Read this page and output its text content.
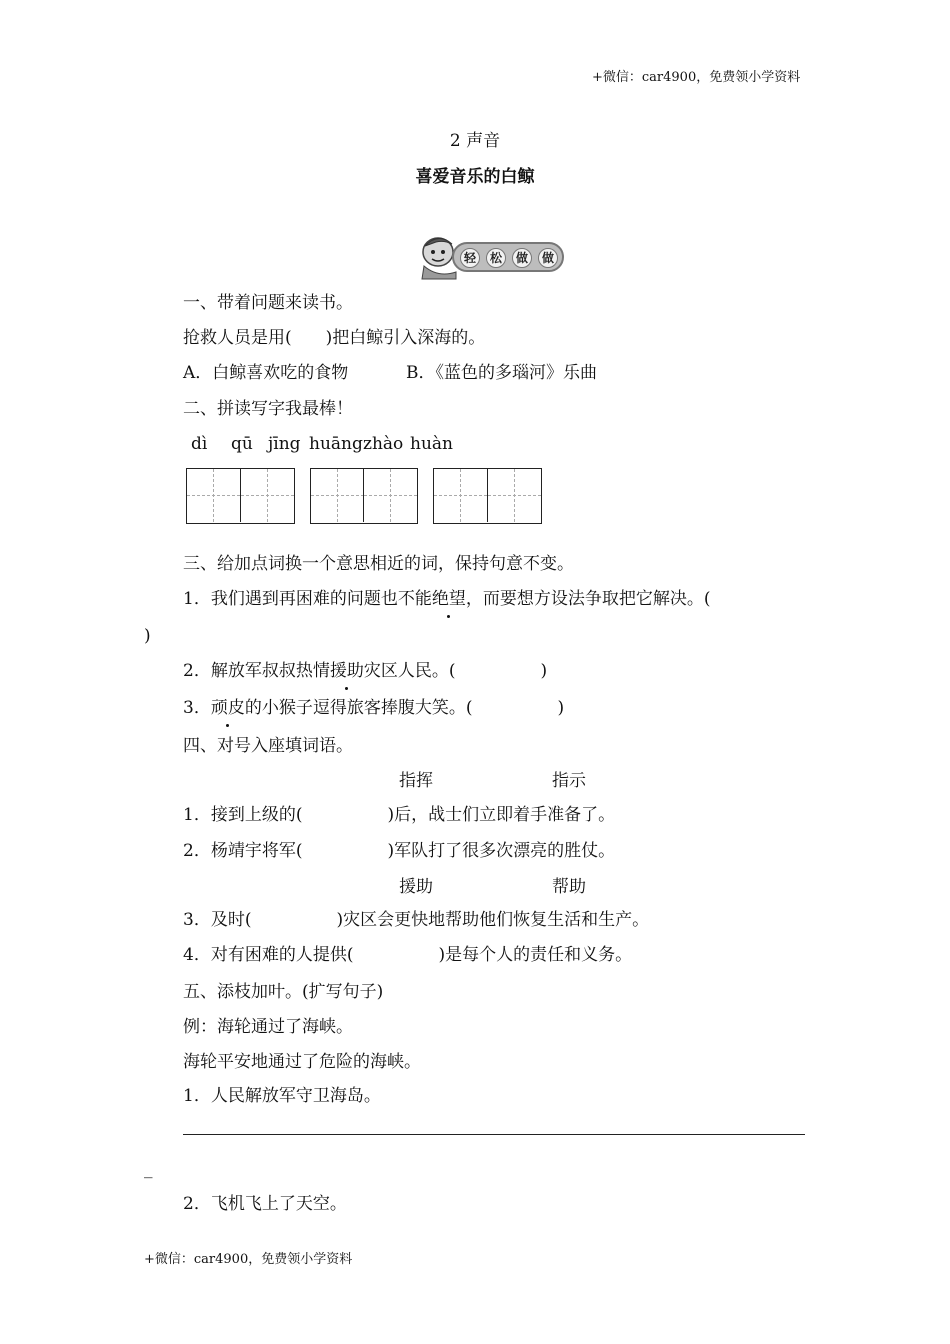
+微信：car4900，免费领小学资料
2 声音
喜爱音乐的白鲸
轻	松	做	做
一、带着问题来读书。
抢救人员是用(　　)把白鲸引入深海的。
A．白鲸喜欢吃的食物	B．《蓝色的多瑙河》乐曲
二、拼读写字我最棒！
dì qū jīng huāng zhào huàn
三、给加点词换一个意思相近的词，保持句意不变。
1．我们遇到再困难的问题也不能绝望，而要想方设法争取把它解决。(
)
2．解放军叔叔热情援助灾区人民。(　　　　　)
3．顽皮的小猴子逗得旅客捧腹大笑。(　　　　　)
四、对号入座填词语。
指挥	指示
1．接到上级的(　　　　　)后，战士们立即着手准备了。
2．杨靖宇将军(　　　　　)军队打了很多次漂亮的胜仗。
援助	帮助
3．及时(　　　　　)灾区会更快地帮助他们恢复生活和生产。
4．对有困难的人提供(　　　　　)是每个人的责任和义务。
五、添枝加叶。(扩写句子)
例：海轮通过了海峡。
海轮平安地通过了危险的海峡。
1．人民解放军守卫海岛。
_
2．飞机飞上了天空。
+微信：car4900，免费领小学资料
